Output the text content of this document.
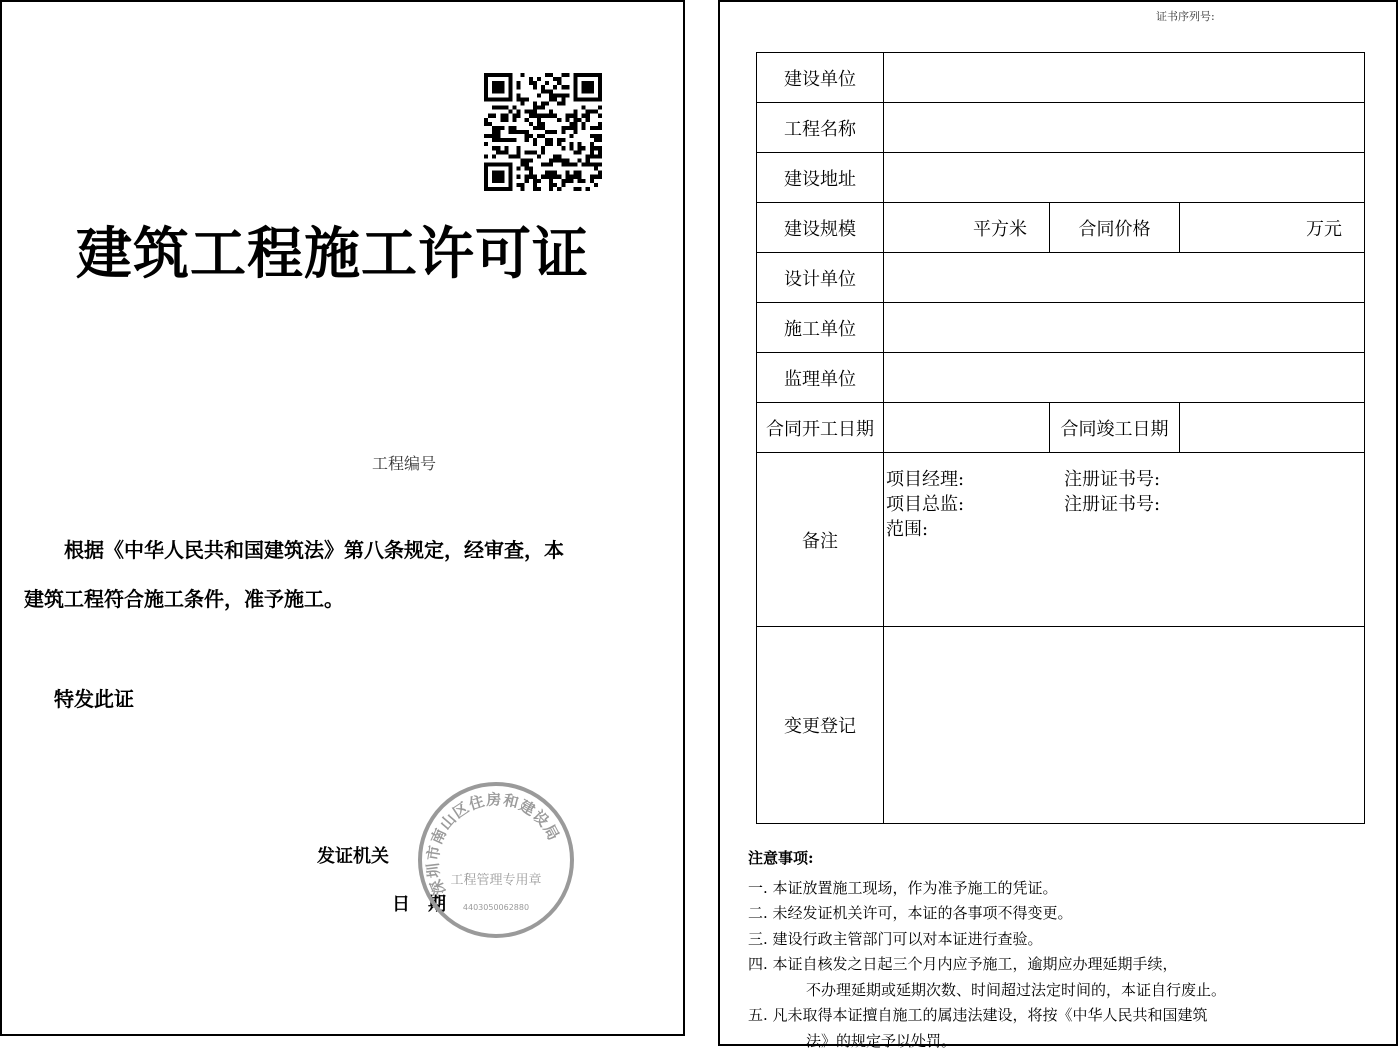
建筑工程施工许可证
工程编号
根据《中华人民共和国建筑法》第八条规定，经审查，本
建筑工程符合施工条件，准予施工。
特发此证
发证机关
日期
深圳市南山区住房和建设局
工程管理专用章
4403050062880
证书序列号:
建设单位			
工程名称			
建设地址			
建设规模	平方米	合同价格	万元
设计单位			
施工单位			
监理单位			
合同开工日期		合同竣工日期	
备注	项目经理: 注册证书号:
项目总监: 注册证书号:
范围:		

变更登记			
注意事项:
一. 本证放置施工现场，作为准予施工的凭证。
二. 未经发证机关许可，本证的各事项不得变更。
三. 建设行政主管部门可以对本证进行查验。
四. 本证自核发之日起三个月内应予施工，逾期应办理延期手续，
不办理延期或延期次数、时间超过法定时间的，本证自行废止。
五. 凡未取得本证擅自施工的属违法建设，将按《中华人民共和国建筑
法》的规定予以处罚。
